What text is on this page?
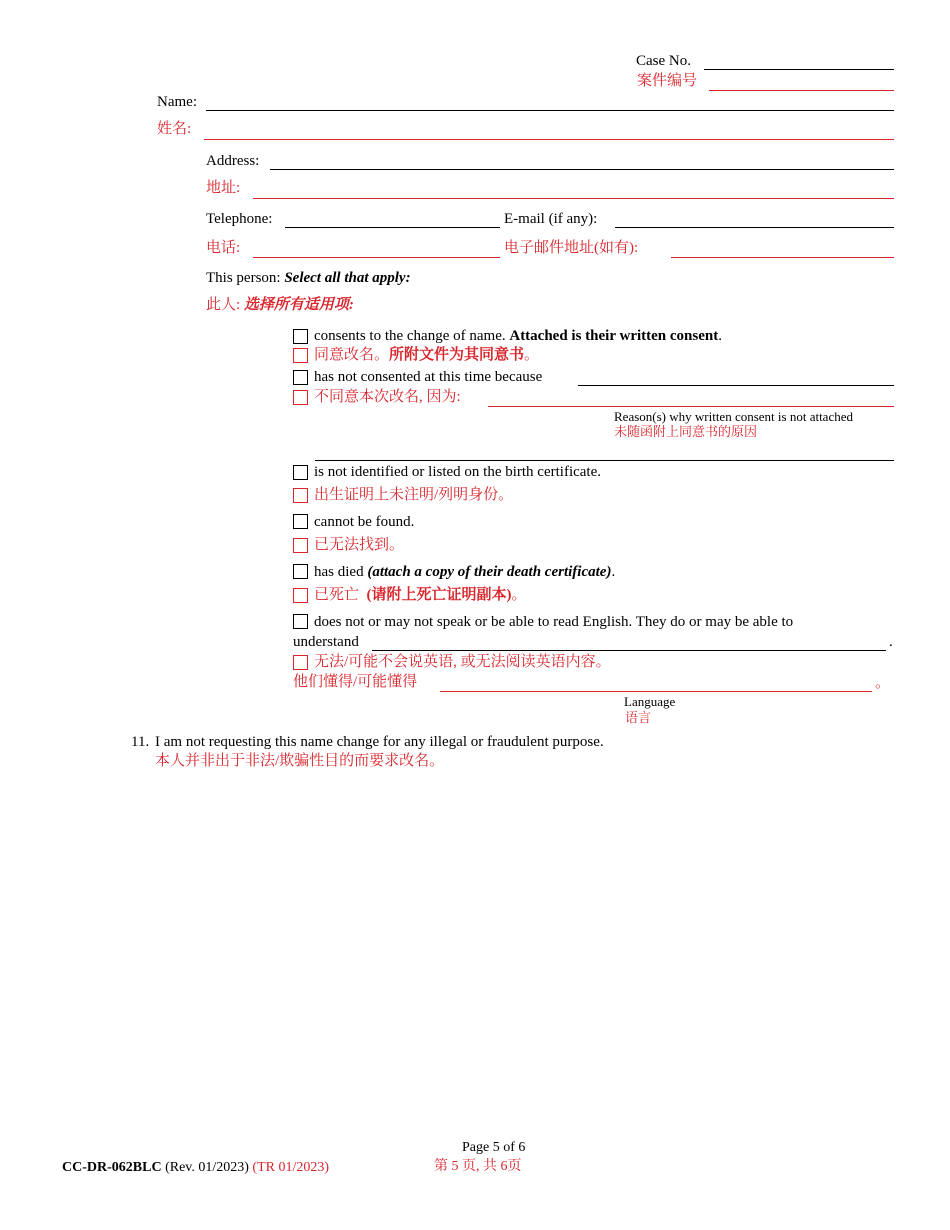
Case No.
案件编号
Name:
姓名:
Address:
地址:
Telephone:	E-mail (if any):
电话:	电子邮件地址(如有):
This person: Select all that apply:
此人: 选择所有适用项:
consents to the change of name. Attached is their written consent.
同意改名。所附文件为其同意书。
has not consented at this time because
不同意本次改名, 因为:
Reason(s) why written consent is not attached
未随函附上同意书的原因
is not identified or listed on the birth certificate.
出生证明上未注明/列明身份。
cannot be found.
已无法找到。
has died (attach a copy of their death certificate).
已死亡 (请附上死亡证明副本)。
does not or may not speak or be able to read English. They do or may be able to
understand	.
无法/可能不会说英语, 或无法阅读英语内容。
他们懂得/可能懂得	。
Language
语言
11. I am not requesting this name change for any illegal or fraudulent purpose.
本人并非出于非法/欺骗性目的而要求改名。
Page 5 of 6
第 5 页, 共 6页
CC-DR-062BLC (Rev. 01/2023) (TR 01/2023)
